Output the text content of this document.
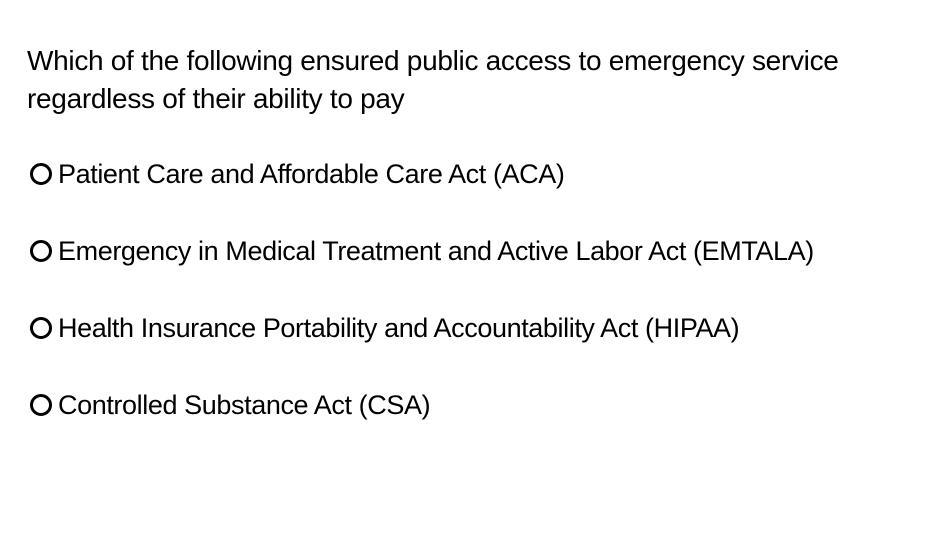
Which of the following ensured public access to emergency service regardless of their ability to pay
Patient Care and Affordable Care Act (ACA)
Emergency in Medical Treatment and Active Labor Act (EMTALA)
Health Insurance Portability and Accountability Act (HIPAA)
Controlled Substance Act (CSA)
